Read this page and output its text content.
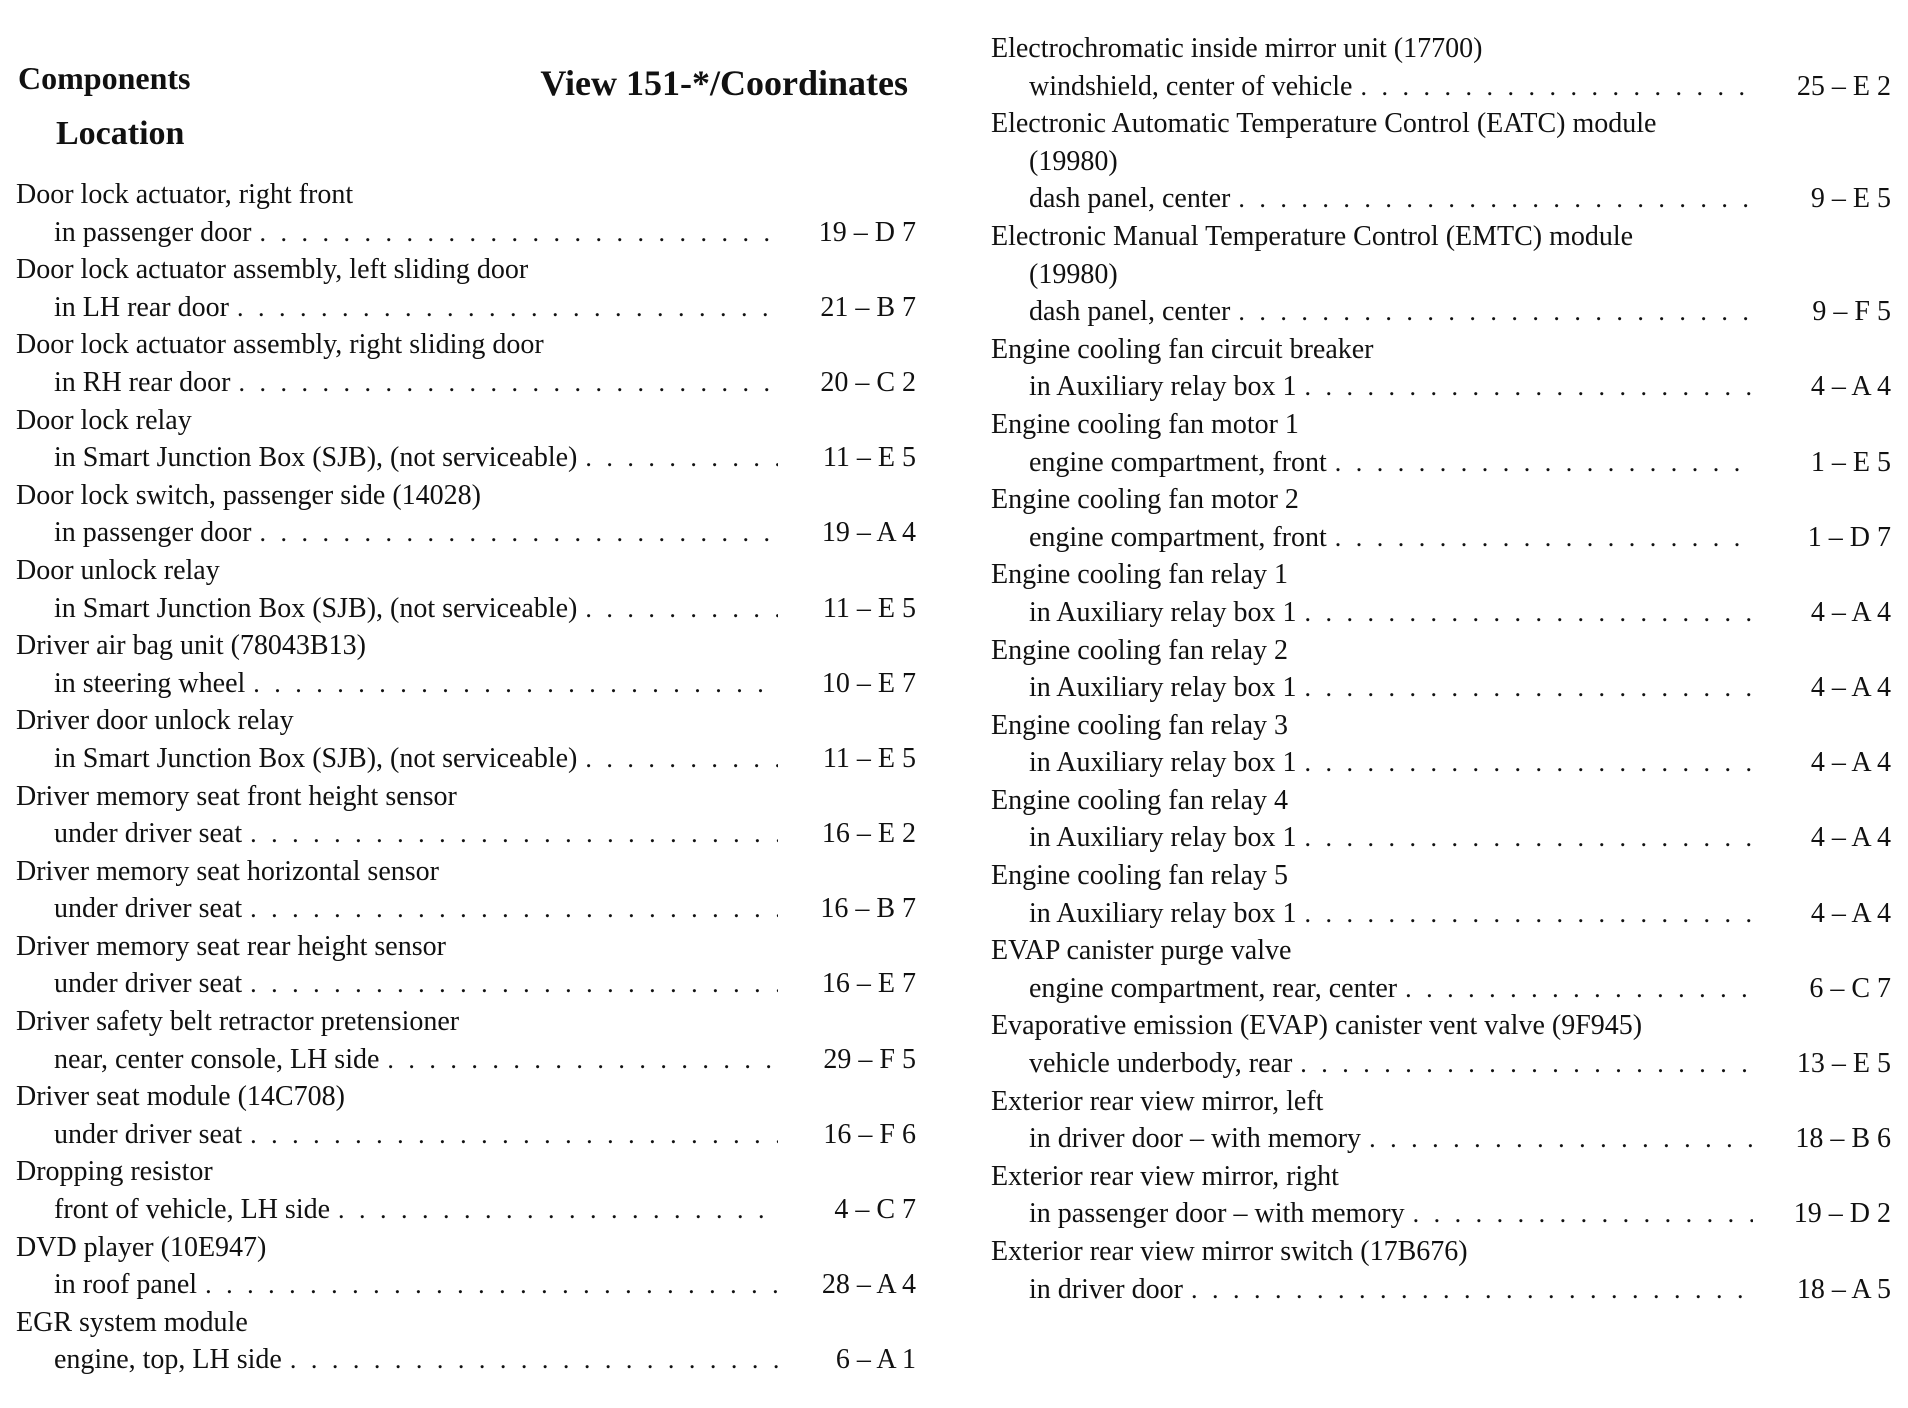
Components	View 151-*/Coordinates
Location
Door lock actuator, right front
in passenger door . . .	19 – D 7
Door lock actuator assembly, left sliding door
in LH rear door . . .	21 – B 7
Door lock actuator assembly, right sliding door
in RH rear door . . .	20 – C 2
Door lock relay
in Smart Junction Box (SJB), (not serviceable) . . .	11 – E 5
Door lock switch, passenger side (14028)
in passenger door . . .	19 – A 4
Door unlock relay
in Smart Junction Box (SJB), (not serviceable) . . .	11 – E 5
Driver air bag unit (78043B13)
in steering wheel . . .	10 – E 7
Driver door unlock relay
in Smart Junction Box (SJB), (not serviceable) . . .	11 – E 5
Driver memory seat front height sensor
under driver seat . . .	16 – E 2
Driver memory seat horizontal sensor
under driver seat . . .	16 – B 7
Driver memory seat rear height sensor
under driver seat . . .	16 – E 7
Driver safety belt retractor pretensioner
near, center console, LH side . . .	29 – F 5
Driver seat module (14C708)
under driver seat . . .	16 – F 6
Dropping resistor
front of vehicle, LH side . . .	4 – C 7
DVD player (10E947)
in roof panel . . .	28 – A 4
EGR system module
engine, top, LH side . . .	6 – A 1
Electrochromatic inside mirror unit (17700)
windshield, center of vehicle . . .	25 – E 2
Electronic Automatic Temperature Control (EATC) module
(19980)
dash panel, center . . .	9 – E 5
Electronic Manual Temperature Control (EMTC) module
(19980)
dash panel, center . . .	9 – F 5
Engine cooling fan circuit breaker
in Auxiliary relay box 1 . . .	4 – A 4
Engine cooling fan motor 1
engine compartment, front . . .	1 – E 5
Engine cooling fan motor 2
engine compartment, front . . .	1 – D 7
Engine cooling fan relay 1
in Auxiliary relay box 1 . . .	4 – A 4
Engine cooling fan relay 2
in Auxiliary relay box 1 . . .	4 – A 4
Engine cooling fan relay 3
in Auxiliary relay box 1 . . .	4 – A 4
Engine cooling fan relay 4
in Auxiliary relay box 1 . . .	4 – A 4
Engine cooling fan relay 5
in Auxiliary relay box 1 . . .	4 – A 4
EVAP canister purge valve
engine compartment, rear, center . . .	6 – C 7
Evaporative emission (EVAP) canister vent valve (9F945)
vehicle underbody, rear . . .	13 – E 5
Exterior rear view mirror, left
in driver door – with memory . . .	18 – B 6
Exterior rear view mirror, right
in passenger door – with memory . . .	19 – D 2
Exterior rear view mirror switch (17B676)
in driver door . . .	18 – A 5
